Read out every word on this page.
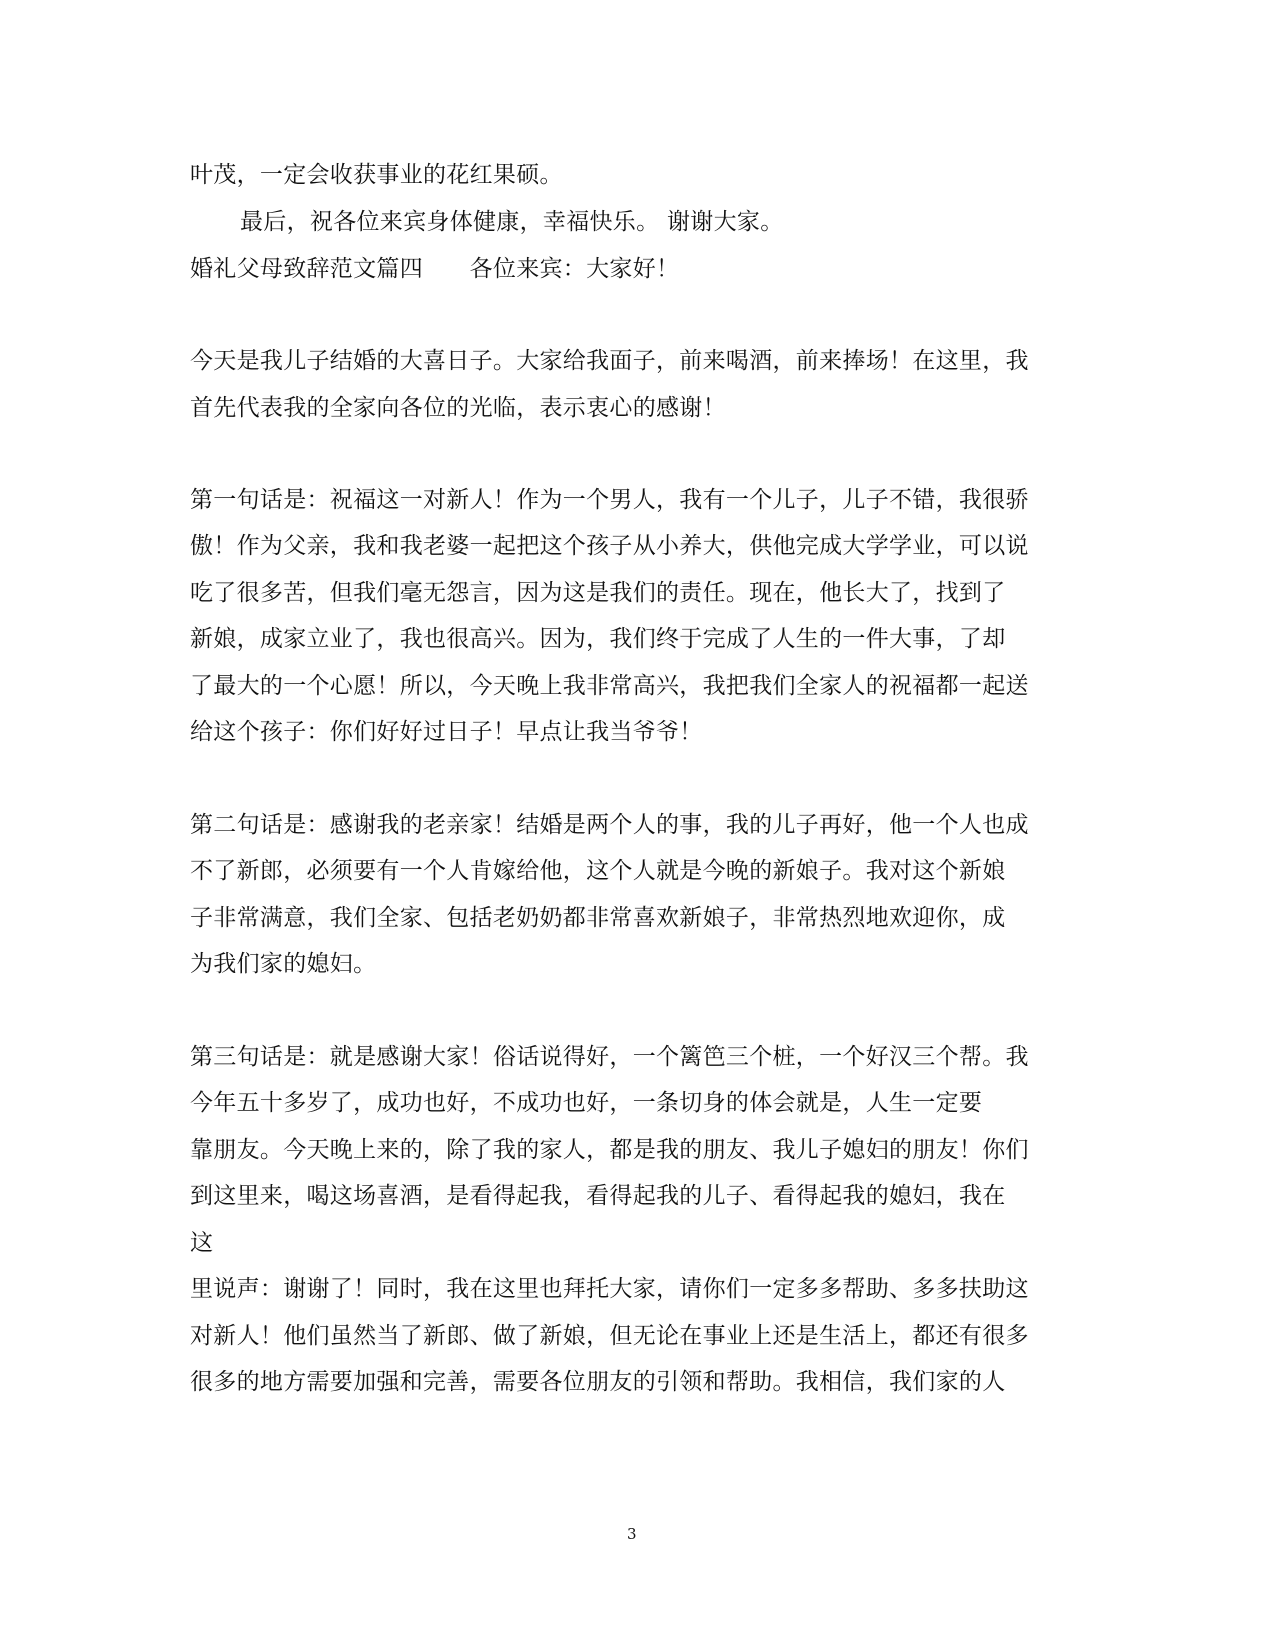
叶茂，一定会收获事业的花红果硕。
最后，祝各位来宾身体健康，幸福快乐。 谢谢大家。
婚礼父母致辞范文篇四　　各位来宾：大家好！
今天是我儿子结婚的大喜日子。大家给我面子，前来喝酒，前来捧场！在这里，我
首先代表我的全家向各位的光临，表示衷心的感谢！
第一句话是：祝福这一对新人！作为一个男人，我有一个儿子，儿子不错，我很骄
傲！作为父亲，我和我老婆一起把这个孩子从小养大，供他完成大学学业，可以说
吃了很多苦，但我们毫无怨言，因为这是我们的责任。现在，他长大了，找到了
新娘，成家立业了，我也很高兴。因为，我们终于完成了人生的一件大事，了却
了最大的一个心愿！所以，今天晚上我非常高兴，我把我们全家人的祝福都一起送
给这个孩子：你们好好过日子！早点让我当爷爷！
第二句话是：感谢我的老亲家！结婚是两个人的事，我的儿子再好，他一个人也成
不了新郎，必须要有一个人肯嫁给他，这个人就是今晚的新娘子。我对这个新娘
子非常满意，我们全家、包括老奶奶都非常喜欢新娘子，非常热烈地欢迎你，成
为我们家的媳妇。
第三句话是：就是感谢大家！俗话说得好，一个篱笆三个桩，一个好汉三个帮。我
今年五十多岁了，成功也好，不成功也好，一条切身的体会就是，人生一定要
靠朋友。今天晚上来的，除了我的家人，都是我的朋友、我儿子媳妇的朋友！你们
到这里来，喝这场喜酒，是看得起我，看得起我的儿子、看得起我的媳妇，我在
这
里说声：谢谢了！同时，我在这里也拜托大家，请你们一定多多帮助、多多扶助这
对新人！他们虽然当了新郎、做了新娘，但无论在事业上还是生活上，都还有很多
很多的地方需要加强和完善，需要各位朋友的引领和帮助。我相信，我们家的人
3
